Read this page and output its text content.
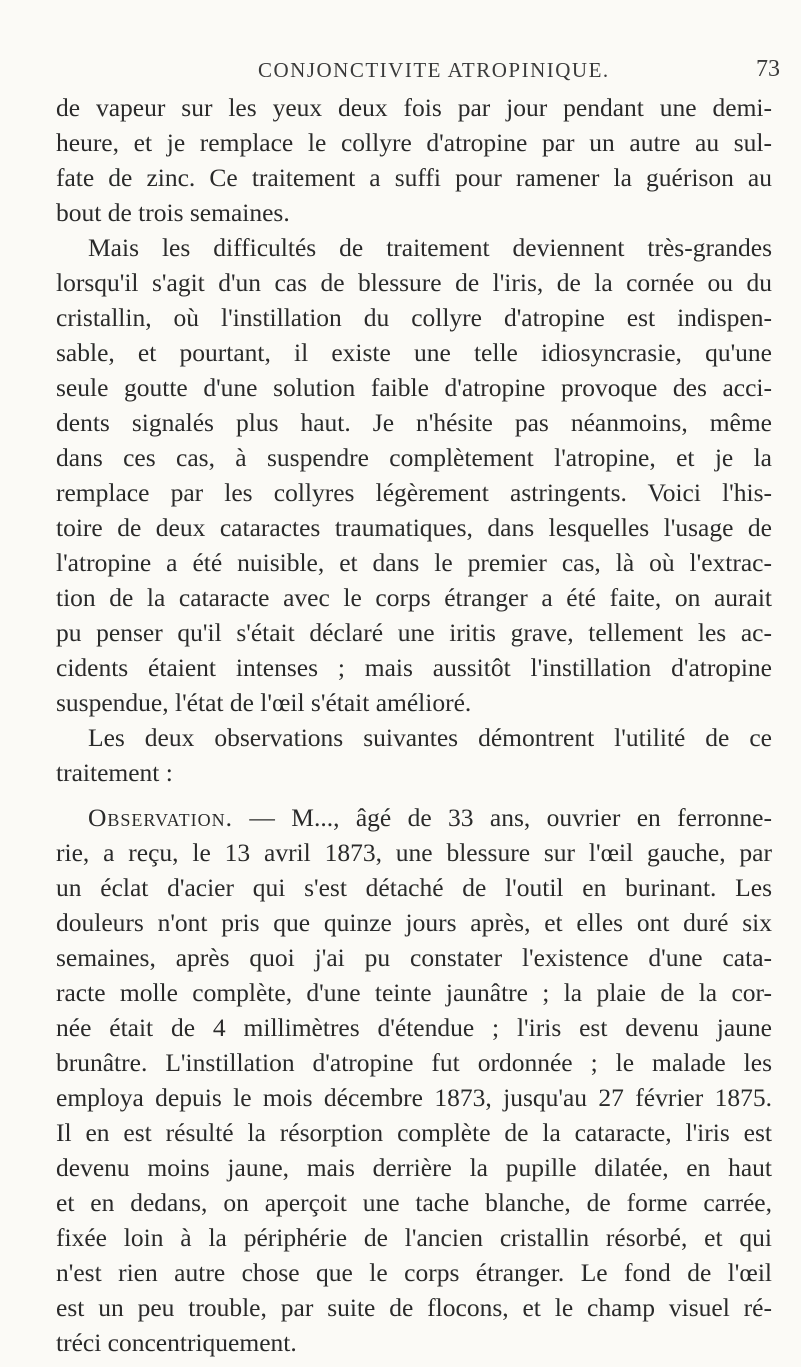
CONJONCTIVITE ATROPINIQUE.	73
de vapeur sur les yeux deux fois par jour pendant une demi-
heure, et je remplace le collyre d'atropine par un autre au sul-
fate de zinc. Ce traitement a suffi pour ramener la guérison au
bout de trois semaines.
Mais les difficultés de traitement deviennent très-grandes
lorsqu'il s'agit d'un cas de blessure de l'iris, de la cornée ou du
cristallin, où l'instillation du collyre d'atropine est indispen-
sable, et pourtant, il existe une telle idiosyncrasie, qu'une
seule goutte d'une solution faible d'atropine provoque des acci-
dents signalés plus haut. Je n'hésite pas néanmoins, même
dans ces cas, à suspendre complètement l'atropine, et je la
remplace par les collyres légèrement astringents. Voici l'his-
toire de deux cataractes traumatiques, dans lesquelles l'usage de
l'atropine a été nuisible, et dans le premier cas, là où l'extrac-
tion de la cataracte avec le corps étranger a été faite, on aurait
pu penser qu'il s'était déclaré une iritis grave, tellement les ac-
cidents étaient intenses ; mais aussitôt l'instillation d'atropine
suspendue, l'état de l'œil s'était amélioré.
Les deux observations suivantes démontrent l'utilité de ce
traitement :
Observation. — M..., âgé de 33 ans, ouvrier en ferronne-
rie, a reçu, le 13 avril 1873, une blessure sur l'œil gauche, par
un éclat d'acier qui s'est détaché de l'outil en burinant. Les
douleurs n'ont pris que quinze jours après, et elles ont duré six
semaines, après quoi j'ai pu constater l'existence d'une cata-
racte molle complète, d'une teinte jaunâtre ; la plaie de la cor-
née était de 4 millimètres d'étendue ; l'iris est devenu jaune
brunâtre. L'instillation d'atropine fut ordonnée ; le malade les
employa depuis le mois décembre 1873, jusqu'au 27 février 1875.
Il en est résulté la résorption complète de la cataracte, l'iris est
devenu moins jaune, mais derrière la pupille dilatée, en haut
et en dedans, on aperçoit une tache blanche, de forme carrée,
fixée loin à la périphérie de l'ancien cristallin résorbé, et qui
n'est rien autre chose que le corps étranger. Le fond de l'œil
est un peu trouble, par suite de flocons, et le champ visuel ré-
tréci concentriquement.
